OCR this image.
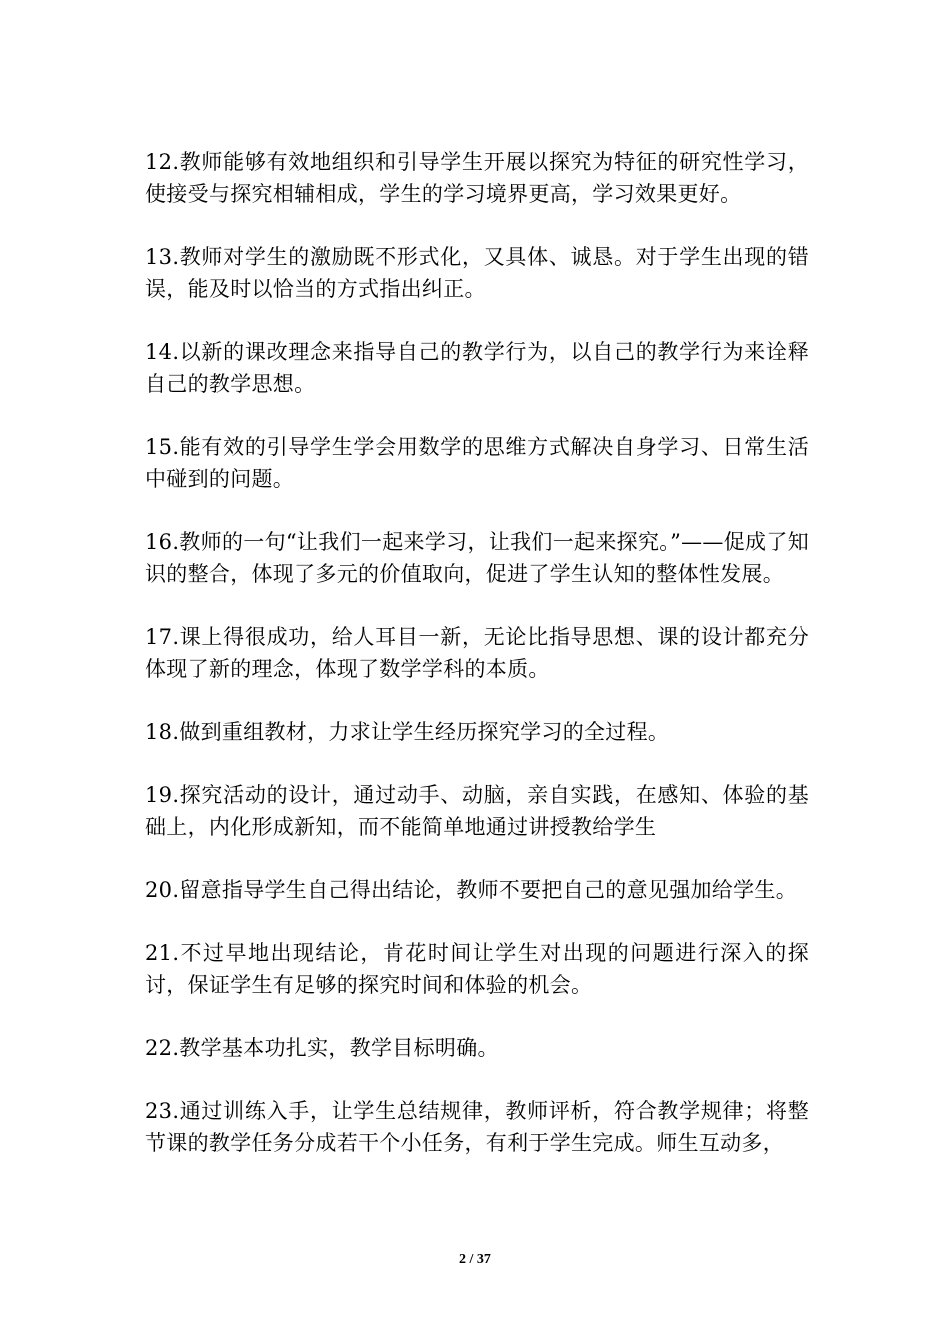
12.教师能够有效地组织和引导学生开展以探究为特征的研究性学习，使接受与探究相辅相成，学生的学习境界更高，学习效果更好。

13.教师对学生的激励既不形式化，又具体、诚恳。对于学生出现的错误，能及时以恰当的方式指出纠正。

14.以新的课改理念来指导自己的教学行为，以自己的教学行为来诠释自己的教学思想。

15.能有效的引导学生学会用数学的思维方式解决自身学习、日常生活中碰到的问题。

16.教师的一句“让我们一起来学习，让我们一起来探究。”——促成了知识的整合，体现了多元的价值取向，促进了学生认知的整体性发展。

17.课上得很成功，给人耳目一新，无论比指导思想、课的设计都充分体现了新的理念，体现了数学学科的本质。

18.做到重组教材，力求让学生经历探究学习的全过程。

19.探究活动的设计，通过动手、动脑，亲自实践，在感知、体验的基础上，内化形成新知，而不能简单地通过讲授教给学生

20.留意指导学生自己得出结论，教师不要把自己的意见强加给学生。

21.不过早地出现结论，肯花时间让学生对出现的问题进行深入的探讨，保证学生有足够的探究时间和体验的机会。

22.教学基本功扎实，教学目标明确。

23.通过训练入手，让学生总结规律，教师评析，符合教学规律；将整节课的教学任务分成若干个小任务，有利于学生完成。师生互动多，

2 / 37
